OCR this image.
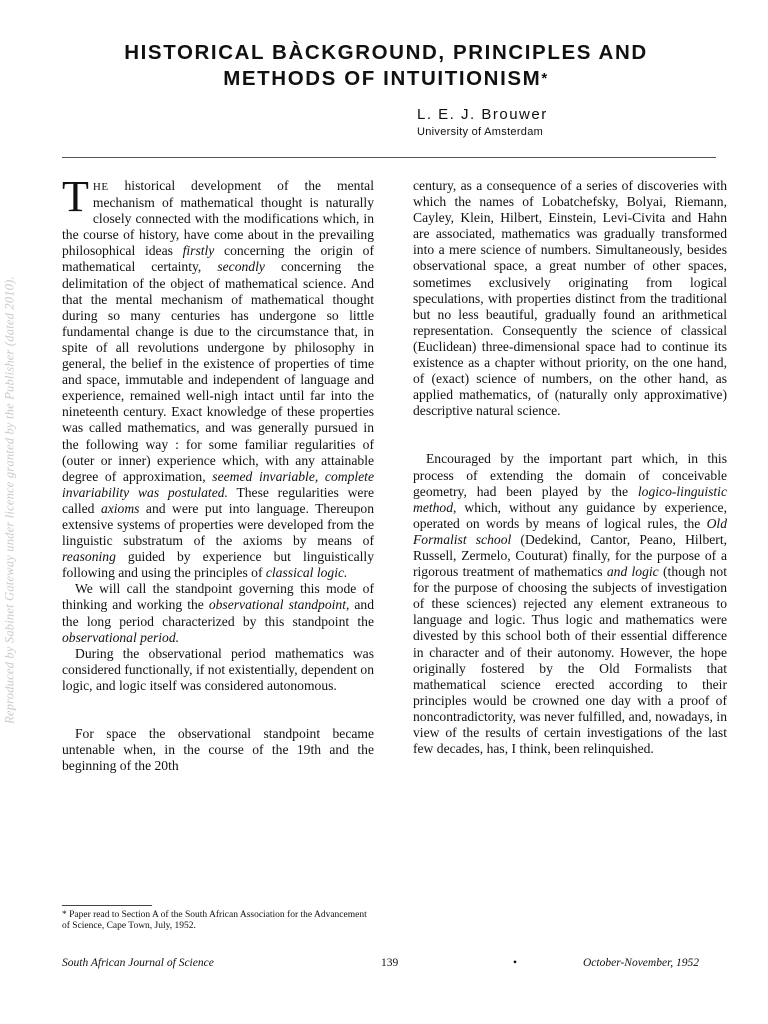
Reproduced by Sabinet Gateway under licence granted by the Publisher (dated 2010).
HISTORICAL BÀCKGROUND, PRINCIPLES AND
METHODS OF INTUITIONISM*
L. E. J. Brouwer
University of Amsterdam

THE historical development of the mental mechanism of mathematical thought is naturally closely connected with the modifications which, in the course of history, have come about in the prevailing philosophical ideas firstly concerning the origin of mathematical certainty, secondly concerning the delimitation of the object of mathematical science. And that the mental mechanism of mathematical thought during so many centuries has undergone so little fundamental change is due to the circumstance that, in spite of all revolutions undergone by philosophy in general, the belief in the existence of properties of time and space, immutable and independent of language and experience, remained well-nigh intact until far into the nineteenth century. Exact knowledge of these properties was called mathematics, and was generally pursued in the following way : for some familiar regularities of (outer or inner) experience which, with any attainable degree of approximation, seemed invariable, complete invariability was postulated. These regularities were called axioms and were put into language. Thereupon extensive systems of properties were developed from the linguistic substratum of the axioms by means of reasoning guided by experience but linguistically following and using the principles of classical logic.

We will call the standpoint governing this mode of thinking and working the observational standpoint, and the long period characterized by this standpoint the observational period.

During the observational period mathematics was considered functionally, if not existentially, dependent on logic, and logic itself was considered autonomous.

For space the observational standpoint became untenable when, in the course of the 19th and the beginning of the 20th

* Paper read to Section A of the South African Association for the Advancement of Science, Cape Town, July, 1952.

century, as a consequence of a series of discoveries with which the names of Lobatchefsky, Bolyai, Riemann, Cayley, Klein, Hilbert, Einstein, Levi-Civita and Hahn are associated, mathematics was gradually transformed into a mere science of numbers. Simultaneously, besides observational space, a great number of other spaces, sometimes exclusively originating from logical speculations, with properties distinct from the traditional but no less beautiful, gradually found an arithmetical representation. Consequently the science of classical (Euclidean) three-dimensional space had to continue its existence as a chapter without priority, on the one hand, of (exact) science of numbers, on the other hand, as applied mathematics, of (naturally only approximative) descriptive natural science.

Encouraged by the important part which, in this process of extending the domain of conceivable geometry, had been played by the logico-linguistic method, which, without any guidance by experience, operated on words by means of logical rules, the Old Formalist school (Dedekind, Cantor, Peano, Hilbert, Russell, Zermelo, Couturat) finally, for the purpose of a rigorous treatment of mathematics and logic (though not for the purpose of choosing the subjects of investigation of these sciences) rejected any element extraneous to language and logic. Thus logic and mathematics were divested by this school both of their essential difference in character and of their autonomy. However, the hope originally fostered by the Old Formalists that mathematical science erected according to their principles would be crowned one day with a proof of noncontradictority, was never fulfilled, and, nowadays, in view of the results of certain investigations of the last few decades, has, I think, been relinquished.

South African Journal of Science	139	•	October-November, 1952
